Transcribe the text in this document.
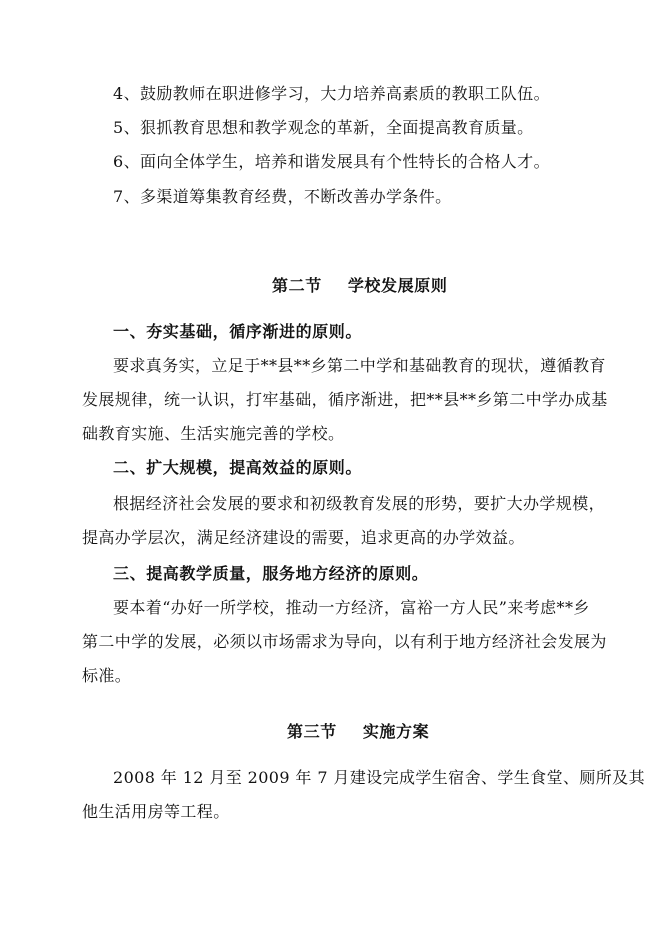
4、鼓励教师在职进修学习，大力培养高素质的教职工队伍。
5、狠抓教育思想和教学观念的革新，全面提高教育质量。
6、面向全体学生，培养和谐发展具有个性特长的合格人才。
7、多渠道筹集教育经费，不断改善办学条件。
第二节 学校发展原则
一、夯实基础，循序渐进的原则。
要求真务实，立足于**县**乡第二中学和基础教育的现状，遵循教育
发展规律，统一认识，打牢基础，循序渐进，把**县**乡第二中学办成基
础教育实施、生活实施完善的学校。
二、扩大规模，提高效益的原则。
根据经济社会发展的要求和初级教育发展的形势，要扩大办学规模，
提高办学层次，满足经济建设的需要，追求更高的办学效益。
三、提高教学质量，服务地方经济的原则。
要本着“办好一所学校，推动一方经济，富裕一方人民”来考虑**乡
第二中学的发展，必须以市场需求为导向，以有利于地方经济社会发展为
标准。
第三节 实施方案
2008 年 12 月至 2009 年 7 月建设完成学生宿舍、学生食堂、厕所及其
他生活用房等工程。
